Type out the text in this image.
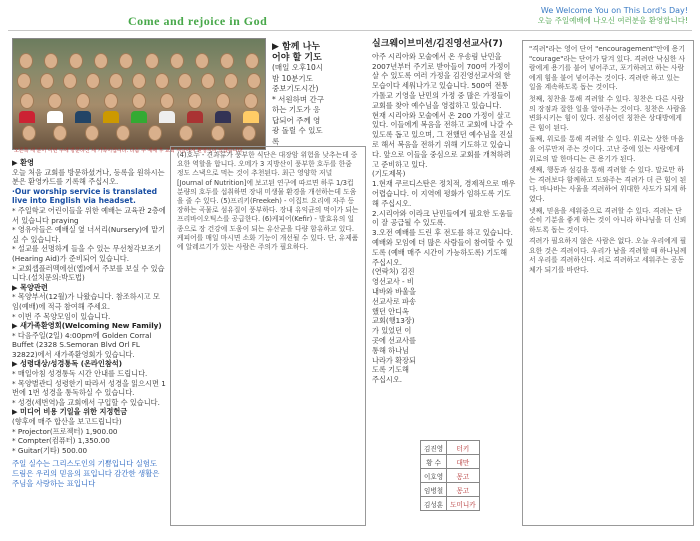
Come and rejoice in God
We Welcome You on This Lord's Day!
오늘 주일예배에 나오신 여러분을 환영합니다!
오른쪽 세 분이 이번 주에 방문하신 새 가족이십니다. 다음 주 예배 후 교회 식당에서 환영식이 있겠습니다.
▶ 함께 나누어야 할 기도
(매일 오후10시 밤 10분기도
중보기도시간)
* 서원하며 간구하는 기도가 응답되어 주께 영광 돌릴 수 있도록

▶ 환영

오늘 처음 교회를 방문하셨거나, 등록을 원하시는 분은 환영카드를 기록해 주십시오.

·Our worship service is translated live into English via headset.

* 주일학교 어린이들을 위한 예배는 교육관 2층에서 있습니다 praying

* 영유아들은 예배실 옆 너서리(Nursery)에 맡기실 수 있습니다.

* 설교를 선명하게 들을 수 있는 무선청각보조기(Hearing Aid)가 준비되어 있습니다.

* 교회셉플러멕에선(앱)에서 주보를 보실 수 있습니다.(설치문의:박도법)

▶ 목양관련

* 목양부서(12월)가 나왔습니다. 참조하시고 모임(예배)에 적극 참여해 주세요.

* 이번 주 목양모임이 있습니다.

▶ 새가족환영회(Welcoming New Family)

* 다음주일(2일) 4:00pm에 Golden Corral Buffet (2328 S.Semoran Blvd Orl FL 32822)에서 새가족환영회가 있습니다.

▶ 성령대상/성경통독 (온라인참석)

* 매일아침 성경통독 시간 안내를 드립니다.

* 목양별관디 성령한기 따라서 성경을 읽으시면 1번에 1번 성경을 통독하실 수 있습니다.

* 성경(세번역)을 교회에서 구입할 수 있습니다.

▶ 미디어 비용 기일을 위한 지정헌금

(향후에 매주 합산을 보고드립니다)

* Projector(프로젝터) 1,900.00

* Compter(컴퓨터) 1,350.00

* Guitar(기타) 500.00

주일 실수는 그리스도인의 기쁨입니다 실험도 드림은 우리의 믿음의 표입니다 감간한 생활은 주님을 사랑하는 표입니다

(4)호두 - 견과류가 풍부한 식단은 대장암 위험을 낮추는데 중요한 역할을 합니다. 오메가 3 지방산이 풍부한 호두를 한줌 정도 스낵으로 먹는 것이 추천된다. 최근 영양학 저널 [Journal of Nutrition]에 보고된 연구에 따르면 하루 1/3컵 분량의 호두를 섭취하면 장내 미생물 환경을 개선하는데 도움을 줄 수 있다. (5)프리키(Freekeh) - 이집트 요리에 자주 등장하는 곡물로 섬유질이 풍부하다. 장내 유익균의 먹이가 되는 프리바이오틱스를 공급한다. (6)케피어(Kefir) - 발효유의 일종으로 장 건강에 도움이 되는 유산균을 다량 함유하고 있다. 케피어를 매일 마시면 소화 기능이 개선될 수 있다. 단, 유제품에 알레르기가 있는 사람은 주의가 필요하다.
실크웨이브미션/김진영선교사(7)

아주 시리아와 모술에서 온 우송림 난민을 2007년부터 주기로 받아들이 700여 가정이 살 수 있도록 여러 가정을 김진영선교사의 한 모습이다 세워나가고 있습니다. 500여 전통 가톨교 기영을 난민의 가정 중 많은 가정들이 교회를 찾아 예수님을 영접하고 있습니다.

현재 시리아와 모술에서 온 200 가정이 살고 있다. 이들에게 복음을 전하고 교회에 나갈 수 있도록 돕고 있으며, 그 전했던 예수님을 진실로 해서 복음을 전하기 위해 기도하고 있습니다. 앞으로 이들을 중심으로 교회를 개척하려고 준비하고 있다.

(기도제목)

1.현재 쿠르디스탄은 정치적, 경제적으로 매우 어렵습니다. 이 지역에 평화가 임하도록 기도해 주십시오.

2.시리아와 이라크 난민들에게 필요한 도움들이 잘 공급될 수 있도록.

3.오전 예배를 드린 후 전도를 하고 있습니다. 예배와 모임에 더 많은 사람들이 참여할 수 있도록 (예배 매주 시간이 가능하도록) 기도해 주십시오.

(연락처) 김진영선교사 - 비내바와 바울을 선교사로 파송했던 안디옥 교회(행13장)가 있었던 이곳에 선교사를 통해 하나님 나라가 확장되도록 기도해 주십시오.

김진영	터키
황 수	대만
이호영	몽고
임병철	몽고
김성훈	도미니카

"격려"라는 영어 단어 "encouragement"안에 용기 "courage"라는 단어가 담겨 있다. 격려란 낙심한 사람에게 용기를 불어 넣어주고, 포기하려고 하는 사람에게 힘을 불어 넣어주는 것이다. 격려란 하고 있는 일을 계속하도록 돕는 것이다.

첫째, 칭찬을 통해 격려할 수 있다. 칭찬은 다른 사람의 장점과 잘한 일을 알아주는 것이다. 칭찬은 사람을 변화시키는 힘이 있다. 진심어린 칭찬은 상대방에게 큰 힘이 된다.

둘째, 위로를 통해 격려할 수 있다. 위로는 상한 마음을 어루만져 주는 것이다. 고난 중에 있는 사람에게 위로의 말 한마디는 큰 용기가 된다.

셋째, 행동과 섬김을 통해 격려할 수 있다. 말로만 하는 격려보다 함께하고 도와주는 격려가 더 큰 힘이 된다. 바나바는 사울을 격려하여 위대한 사도가 되게 하였다.

넷째, 믿음을 세워줌으로 격려할 수 있다. 격려는 단순히 기분을 좋게 하는 것이 아니라 하나님을 더 신뢰하도록 돕는 것이다.

격려가 필요하지 않은 사람은 없다. 오늘 우리에게 필요한 것은 격려이다. 우리가 남을 격려할 때 하나님께서 우리를 격려하신다. 서로 격려하고 세워주는 공동체가 되기를 바란다.
